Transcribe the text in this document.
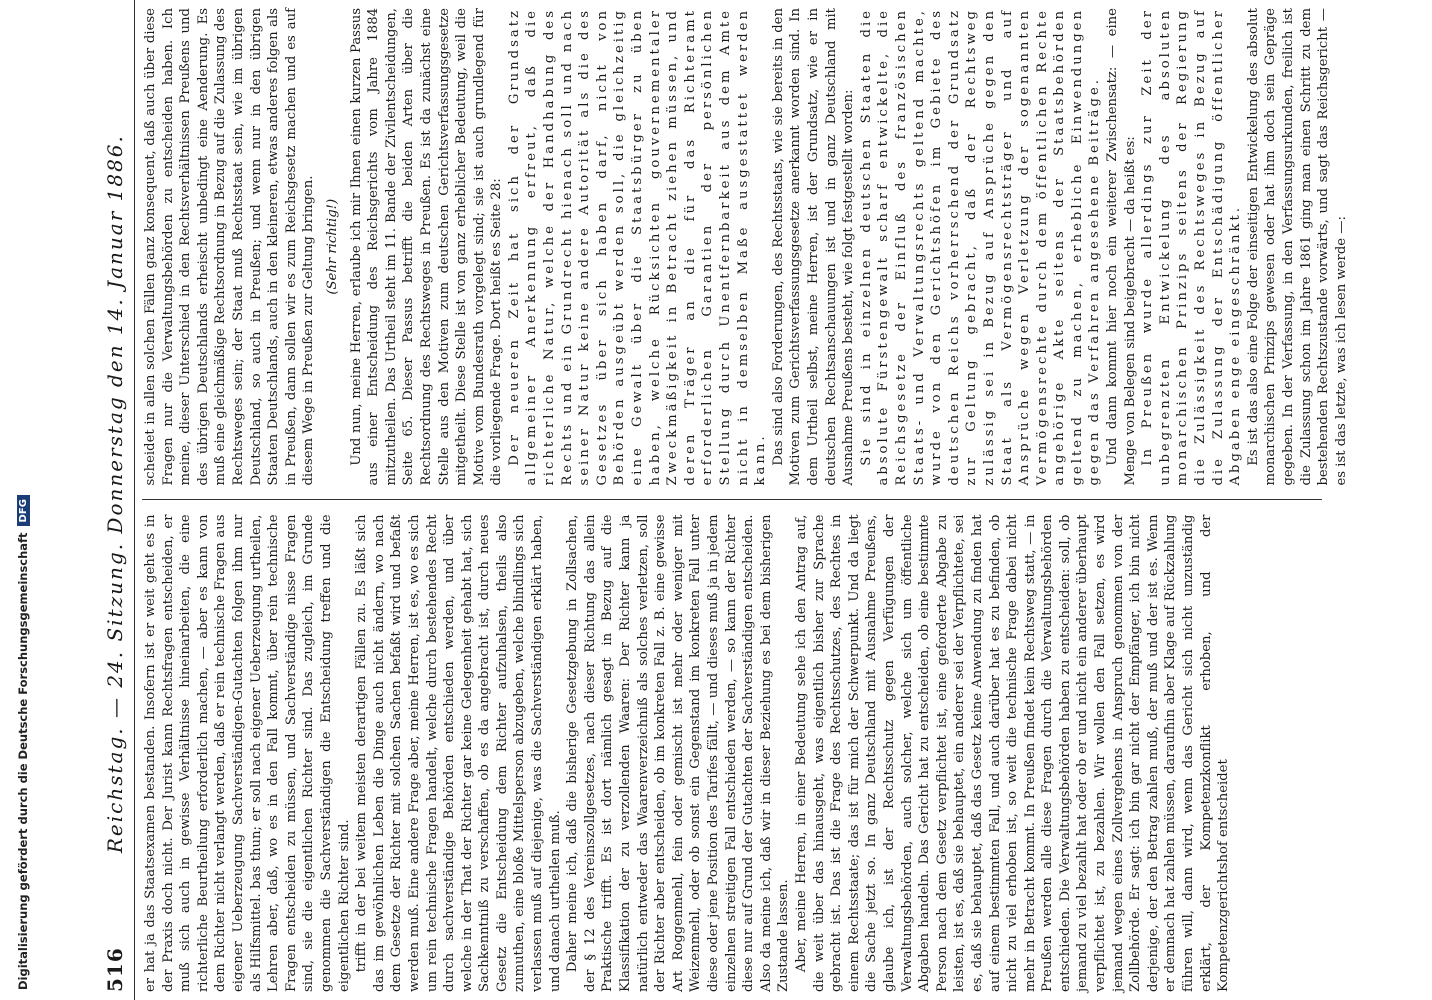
Digitalisierung gefördert durch die Deutsche Forschungsgemeinschaft
DFG
516
Reichstag. — 24. Sitzung. Donnerstag den 14. Januar 1886. er hat ja das Staatsexamen bestanden. Insofern ist er weit geht es in der Praxis doch nicht. Der Jurist kann Rechtsfragen entscheiden, er muß sich auch in gewisse Verhältnisse hineinarbeiten, die eine richterliche Beurtheilung erforderlich machen, — aber es kann von dem Richter nicht verlangt werden, daß er rein technische Fragen aus eigener Ueberzeugung Sachverständigen-Gutachten folgen ihm nur als Hilfsmittel. bas thun; er soll nach eigener Ueberzeugung urtheilen, Lehren aber, daß, wo es in den Fall kommt, über rein technische Fragen entscheiden zu müssen, und Sachverständige nisse Fragen sind, sie die eigentlichen Richter sind. Das zugleich, im Grunde genommen die Sachverständigen die Entscheidung treffen und die eigentlichen Richter sind. trifft in der bei weitem meisten derartigen Fällen zu. Es läßt sich das im gewöhnlichen Leben die Dinge auch nicht ändern, wo nach dem Gesetze der Richter mit solchen Sachen befaßt wird und befaßt werden muß. Eine andere Frage aber, meine Herren, ist es, wo es sich um rein technische Fragen handelt, welche durch bestehendes Recht durch sachverständige Behörden entschieden werden, und über welche in der That der Richter gar keine Gelegenheit gehabt hat, sich Sachkenntniß zu verschaffen, ob es da angebracht ist, durch neues Gesetz die Entscheidung dem Richter aufzuhalsen, theils also zumuthen, eine bloße Mittelsperson abzugeben, welche blindlings sich verlassen muß auf diejenige, was die Sachverständigen erklärt haben, und danach urtheilen muß. Daher meine ich, daß die bisherige Gesetzgebung in Zollsachen, der § 12 des Vereinszollgesetzes, nach dieser Richtung das allein Praktische trifft. Es ist dort nämlich gesagt in Bezug auf die Klassifikation der zu verzollenden Waaren: Der Richter kann ja natürlich entweder das Waarenverzeichniß als solches verletzen, soll der Richter aber entscheiden, ob im konkreten Fall z. B. eine gewisse Art Roggenmehl, fein oder gemischt ist mehr oder weniger mit Weizenmehl, oder ob sonst ein Gegenstand im konkreten Fall unter diese oder jene Position des Tarifes fällt, — und dieses muß ja in jedem einzelnen streitigen Fall entschieden werden, — so kann der Richter diese nur auf Grund der Gutachten der Sachverständigen entscheiden. Also da meine ich, daß wir in dieser Beziehung es bei dem bisherigen Zustande lassen. Aber, meine Herren, in einer Bedeutung sehe ich den Antrag auf, die weit über das hinausgeht, was eigentlich bisher zur Sprache gebracht ist. Das ist die Frage des Rechtsschutzes, des Rechtes in einem Rechtsstaate; das ist für mich der Schwerpunkt. Und da liegt die Sache jetzt so. In ganz Deutschland mit Ausnahme Preußens, glaube ich, ist der Rechtsschutz gegen Verfügungen der Verwaltungsbehörden, auch solcher, welche sich um öffentliche Abgaben handeln. Das Gericht hat zu entscheiden, ob eine bestimmte Person nach dem Gesetz verpflichtet ist, eine geforderte Abgabe zu leisten, ist es, daß sie behauptet, ein anderer sei der Verpflichtete, sei es, daß sie behauptet, daß das Gesetz keine Anwendung zu finden hat auf einem bestimmten Fall, und auch darüber hat es zu befinden, ob nicht zu viel erhoben ist, so weit die technische Frage dabei nicht mehr in Betracht kommt. In Preußen findet kein Rechtsweg statt, — in Preußen werden alle diese Fragen durch die Verwaltungsbehörden entschieden. Die Verwaltungsbehörden haben zu entscheiden: soll, ob jemand zu viel bezahlt hat oder ob er und nicht ein anderer überhaupt verpflichtet ist, zu bezahlen. Wir wollen den Fall setzen, es wird jemand wegen eines Zollvergehens in Anspruch genommen von der Zollbehörde. Er sagt: ich bin gar nicht der Empfänger, ich bin nicht derjenige, der den Betrag zahlen muß, der muß und der ist es. Wenn er demnach hat zahlen müssen, daraufhin aber Klage auf Rückzahlung führen will, dann wird, wenn das Gericht sich nicht unzuständig erklärt, der Kompetenzkonflikt erhoben, und der Kompetenzgerichtshof entscheidet

scheidet in allen solchen Fällen ganz konsequent, daß auch über diese Fragen nur die Verwaltungsbehörden zu entscheiden haben. Ich meine, dieser Unterschied in den Rechtsverhältnissen Preußens und des übrigen Deutschlands erheischt unbedingt eine Aenderung. Es muß eine gleichmäßige Rechtsordnung in Bezug auf die Zulassung des Rechtsweges sein; der Staat muß Rechtsstaat sein, wie im übrigen Deutschland, so auch in Preußen; und wenn nur in den übrigen Staaten Deutschlands, auch in den kleineren, etwas anderes folgen als in Preußen, dann sollen wir es zum Reichsgesetz machen und es auf diesem Wege in Preußen zur Geltung bringen. (Sehr richtig!) Und nun, meine Herren, erlaube ich mir Ihnen einen kurzen Passus aus einer Entscheidung des Reichsgerichts vom Jahre 1884 mitzutheilen. Das Urtheil steht im 11. Bande der Zivilentscheidungen, Seite 65. Dieser Passus betrifft die beiden Arten über die Rechtsordnung des Rechtsweges in Preußen. Es ist da zunächst eine Stelle aus den Motiven zum deutschen Gerichtsverfassungsgesetze mitgetheilt. Diese Stelle ist von ganz erheblicher Bedeutung, weil die Motive vom Bundesrath vorgelegt sind; sie ist auch grundlegend für die vorliegende Frage. Dort heißt es Seite 28: Der neueren Zeit hat sich der Grundsatz allgemeiner Anerkennung erfreut, daß die richterliche Natur, welche der Handhabung des Rechts und ein Grundrecht hienach soll und nach seiner Natur keine andere Autorität als die des Gesetzes über sich haben darf, nicht von Behörden ausgeübt werden soll, die gleichzeitig eine Gewalt über die Staatsbürger zu üben haben, welche Rücksichten gouvernementaler Zweckmäßigkeit in Betracht ziehen müssen, und deren Träger an die für das Richteramt erforderlichen Garantien der persönlichen Stellung durch Unentfernbarkeit aus dem Amte nicht in demselben Maße ausgestattet werden kann. Das sind also Forderungen, des Rechtsstaats, wie sie bereits in den Motiven zum Gerichtsverfassungsgesetze anerkannt worden sind. In dem Urtheil selbst, meine Herren, ist der Grundsatz, wie er in deutschen Rechtsanschauungen ist und in ganz Deutschland mit Ausnahme Preußens besteht, wie folgt festgestellt worden: Sie sind in einzelnen deutschen Staaten die absolute Fürstengewalt scharf entwickelte, die Reichsgesetze der Einfluß des französischen Staats- und Verwaltungsrechts geltend machte, wurde von den Gerichtshöfen im Gebiete des deutschen Reichs vorherrschend der Grundsatz zur Geltung gebracht, daß der Rechtsweg zulässig sei in Bezug auf Ansprüche gegen den Staat als Vermögensrechtsträger und auf Ansprüche wegen Verletzung der sogenannten Vermögensrechte durch dem öffentlichen Rechte angehörige Akte seitens der Staatsbehörden geltend zu machen, erhebliche Einwendungen gegen das Verfahren angesehene Beiträge. Und dann kommt hier noch ein weiterer Zwischensatz: — eine Menge von Belegen sind beigebracht — da heißt es: In Preußen wurde allerdings zur Zeit der unbegrenzten Entwickelung des absoluten monarchischen Prinzips seitens der Regierung die Zulässigkeit des Rechtsweges in Bezug auf die Zulassung der Entschädigung öffentlicher Abgaben enge eingeschränkt. Es ist das also eine Folge der einseitigen Entwickelung des absolut monarchischen Prinzips gewesen oder hat ihm doch sein Gepräge gegeben. In der Verfassung, in den Verfassungsurkunden, freilich ist die Zulassung schon im Jahre 1861 ging man einen Schritt zu dem bestehenden Rechtszustande vorwärts, und sagt das Reichsgericht — es ist das letzte, was ich lesen werde —:
